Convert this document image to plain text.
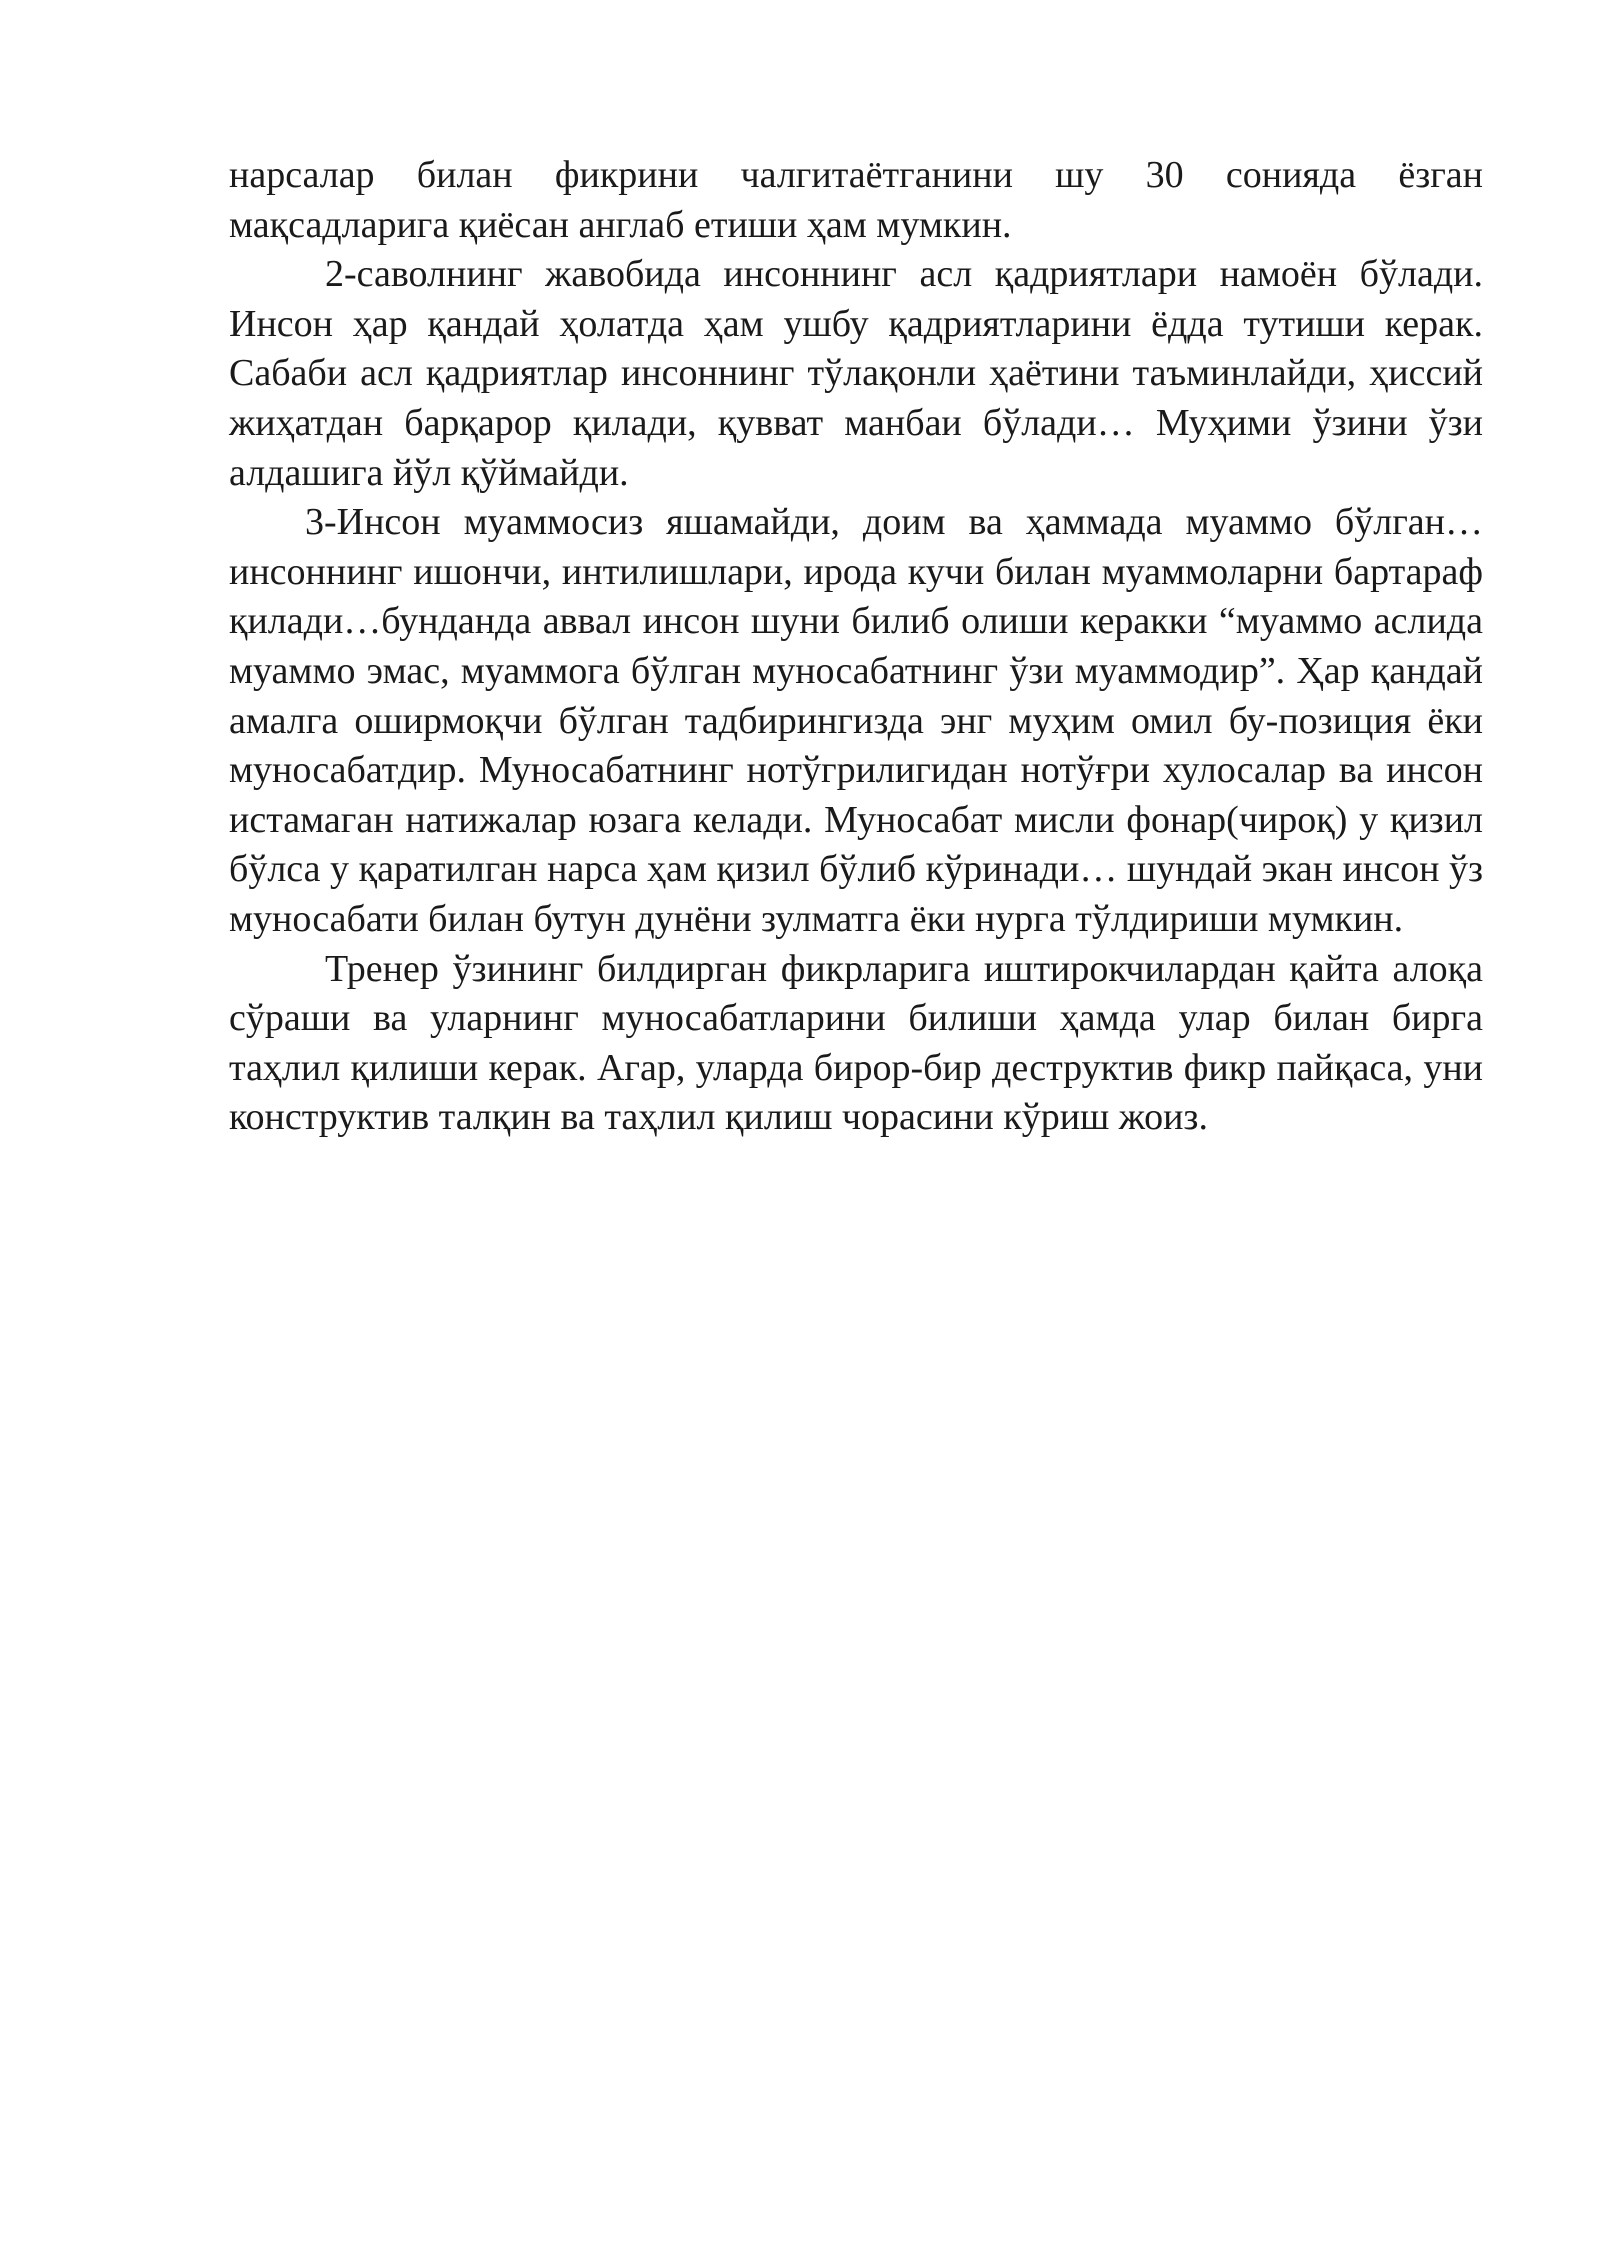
нарсалар билан фикрини чалгитаётганини шу 30 сонияда ёзган мақсадларига қиёсан англаб етиши ҳам мумкин.

2-саволнинг жавобида инсоннинг асл қадриятлари намоён бўлади. Инсон ҳар қандай ҳолатда ҳам ушбу қадриятларини ёдда тутиши керак. Сабаби асл қадриятлар инсоннинг тўлақонли ҳаётини таъминлайди, ҳиссий жиҳатдан барқарор қилади, қувват манбаи бўлади… Муҳими ўзини ўзи алдашига йўл қўймайди.

3-Инсон муаммосиз яшамайди, доим ва ҳаммада муаммо бўлган…инсоннинг ишончи, интилишлари, ирода кучи билан муаммоларни бартараф қилади…бунданда аввал инсон шуни билиб олиши керакки “муаммо аслида муаммо эмас, муаммога бўлган муносабатнинг ўзи муаммодир”. Ҳар қандай амалга оширмоқчи бўлган тадбирингизда энг муҳим омил бу-позиция ёки муносабатдир. Муносабатнинг нотўгрилигидан нотўғри хулосалар ва инсон истамаган натижалар юзага келади. Муносабат мисли фонар(чироқ) у қизил бўлса у қаратилган нарса ҳам қизил бўлиб кўринади… шундай экан инсон ўз муносабати билан бутун дунёни зулматга ёки нурга тўлдириши мумкин.

Тренер ўзининг билдирган фикрларига иштирокчилардан қайта алоқа сўраши ва уларнинг муносабатларини билиши ҳамда улар билан бирга таҳлил қилиши керак. Агар, уларда бирор-бир деструктив фикр пайқаса, уни конструктив талқин ва таҳлил қилиш чорасини кўриш жоиз.
